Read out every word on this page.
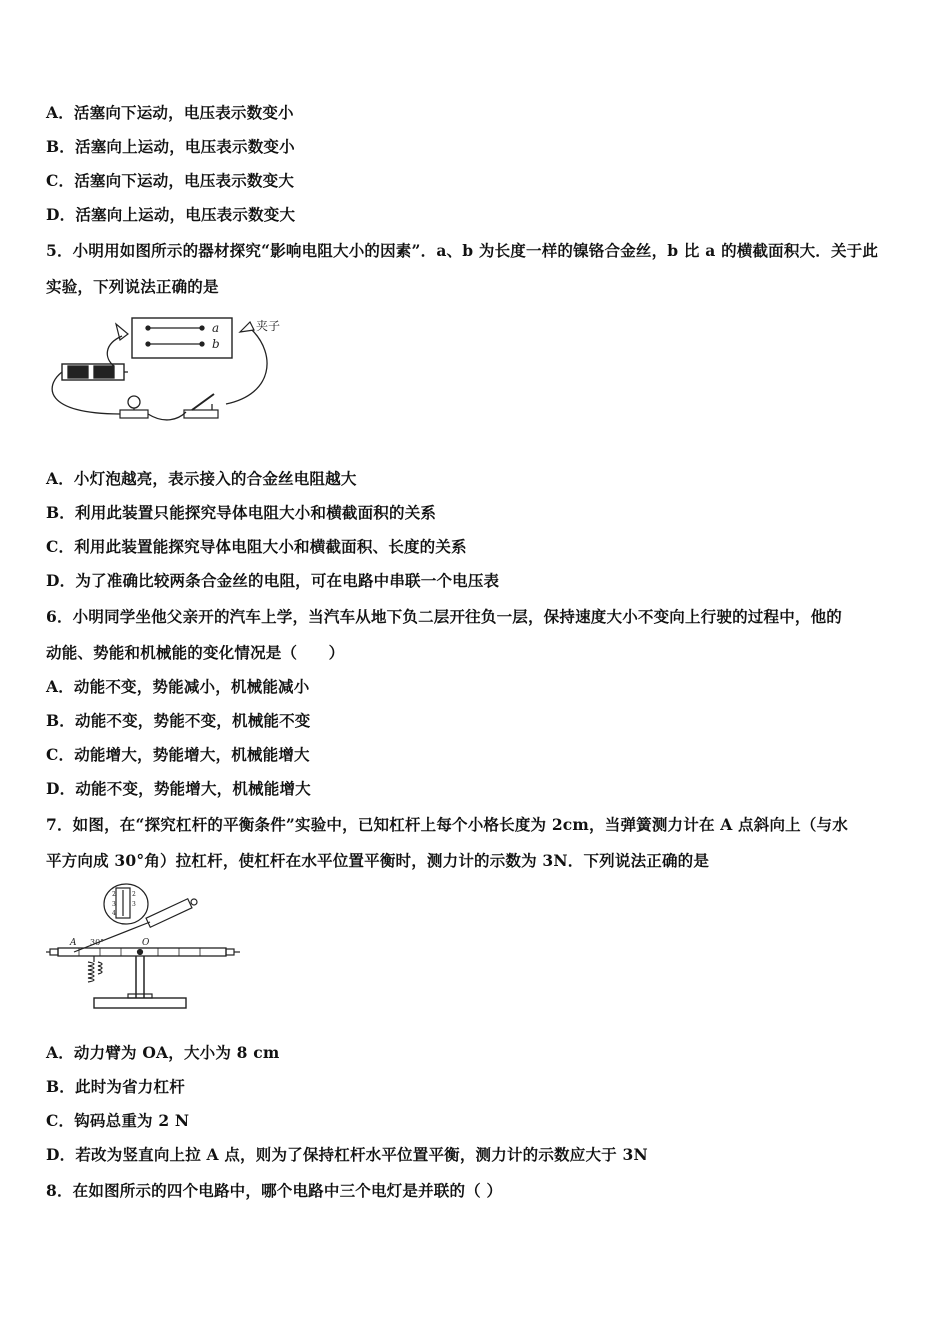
A．活塞向下运动，电压表示数变小
B．活塞向上运动，电压表示数变小
C．活塞向下运动，电压表示数变大
D．活塞向上运动，电压表示数变大
5．小明用如图所示的器材探究“影响电阻大小的因素”．a、b 为长度一样的镍铬合金丝，b 比 a 的横截面积大．关于此
实验，下列说法正确的是
a
b
夹子
A．小灯泡越亮，表示接入的合金丝电阻越大
B．利用此装置只能探究导体电阻大小和横截面积的关系
C．利用此装置能探究导体电阻大小和横截面积、长度的关系
D．为了准确比较两条合金丝的电阻，可在电路中串联一个电压表
6．小明同学坐他父亲开的汽车上学，当汽车从地下负二层开往负一层，保持速度大小不变向上行驶的过程中，他的
动能、势能和机械能的变化情况是（　　）
A．动能不变，势能减小，机械能减小
B．动能不变，势能不变，机械能不变
C．动能增大，势能增大，机械能增大
D．动能不变，势能增大，机械能增大
7．如图，在“探究杠杆的平衡条件”实验中，已知杠杆上每个小格长度为 2cm，当弹簧测力计在 A 点斜向上（与水
平方向成 30°角）拉杠杆，使杠杆在水平位置平衡时，测力计的示数为 3N．下列说法正确的是
2
3
4
2
3
A 30°	O
A．动力臂为 OA，大小为 8 cm
B．此时为省力杠杆
C．钩码总重为 2 N
D．若改为竖直向上拉 A 点，则为了保持杠杆水平位置平衡，测力计的示数应大于 3N
8．在如图所示的四个电路中，哪个电路中三个电灯是并联的（ ）
